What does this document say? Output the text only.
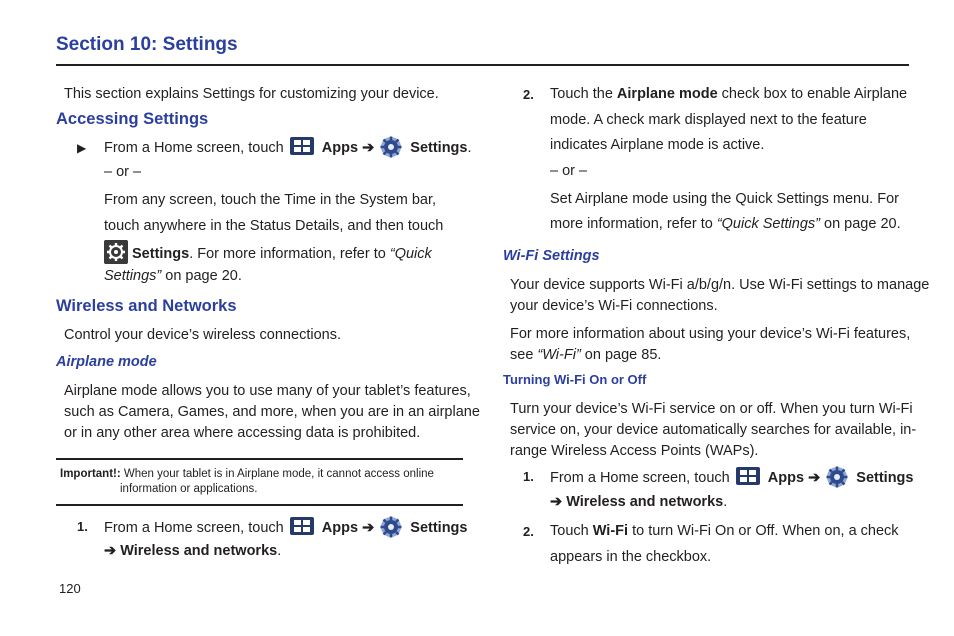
Section 10: Settings
This section explains Settings for customizing your device.
Accessing Settings
▶ From a Home screen, touch	Apps ➔ Settings.
– or –
From any screen, touch the Time in the System bar,
touch anywhere in the Status Details, and then touch
Settings. For more information, refer to “Quick
Settings” on page 20.
Wireless and Networks
Control your device’s wireless connections.
Airplane mode
Airplane mode allows you to use many of your tablet’s features,
such as Camera, Games, and more, when you are in an airplane
or in any other area where accessing data is prohibited.
Important!: When your tablet is in Airplane mode, it cannot access online
information or applications.
1. From a Home screen, touch	Apps ➔ Settings
➔ Wireless and networks.
2. Touch the Airplane mode check box to enable Airplane
mode. A check mark displayed next to the feature
indicates Airplane mode is active.
– or –
Set Airplane mode using the Quick Settings menu. For
more information, refer to “Quick Settings” on page 20.
Wi-Fi Settings
Your device supports Wi-Fi a/b/g/n. Use Wi-Fi settings to manage
your device’s Wi-Fi connections.
For more information about using your device’s Wi-Fi features,
see “Wi-Fi” on page 85.
Turning Wi-Fi On or Off
Turn your device’s Wi-Fi service on or off. When you turn Wi-Fi
service on, your device automatically searches for available, in-
range Wireless Access Points (WAPs).
1. From a Home screen, touch	Apps ➔ Settings
➔ Wireless and networks.
2. Touch Wi-Fi to turn Wi-Fi On or Off. When on, a check
appears in the checkbox.
120
